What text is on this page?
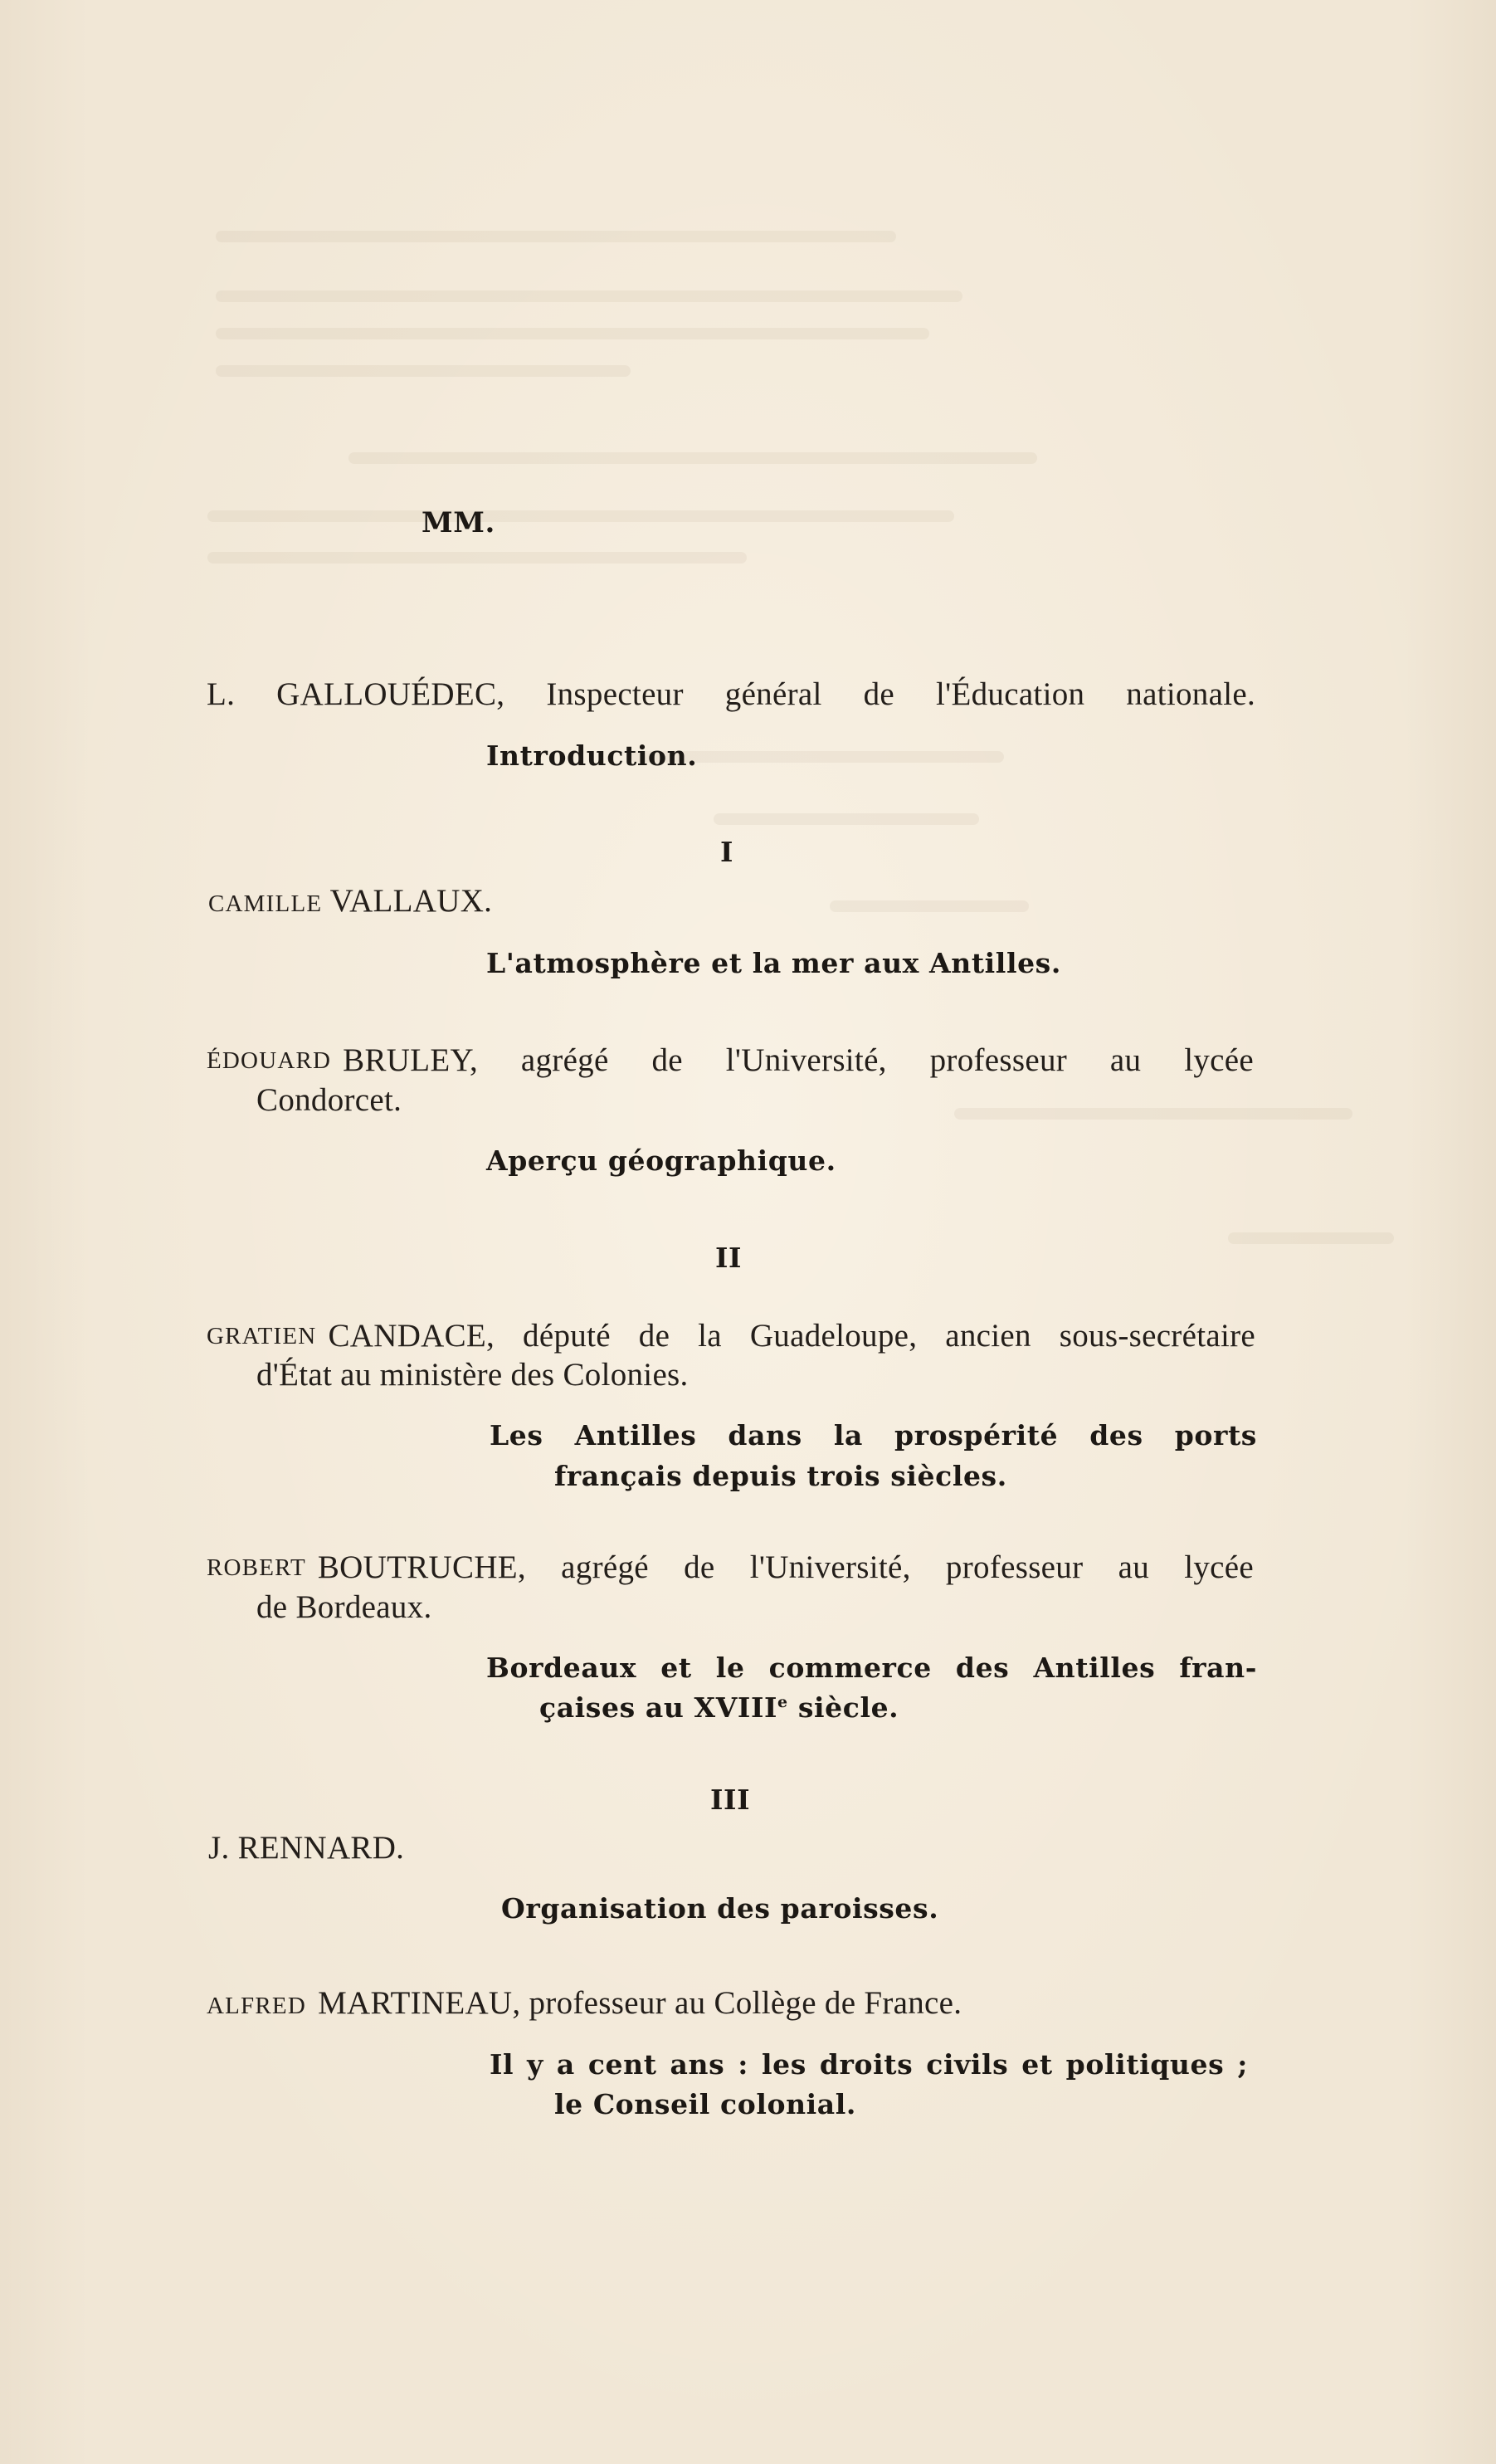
MM.
L. GALLOUÉDEC, Inspecteur général de l'Éducation nationale.
Introduction.
I
CAMILLE VALLAUX.
L'atmosphère et la mer aux Antilles.
ÉDOUARD BRULEY, agrégé de l'Université, professeur au lycée
Condorcet.
Aperçu géographique.
II
GRATIEN CANDACE, député de la Guadeloupe, ancien sous-secrétaire
d'État au ministère des Colonies.
Les Antilles dans la prospérité des ports
français depuis trois siècles.
ROBERT BOUTRUCHE, agrégé de l'Université, professeur au lycée
de Bordeaux.
Bordeaux et le commerce des Antilles fran-
çaises au XVIIIe siècle.
III
J. RENNARD.
Organisation des paroisses.
ALFRED MARTINEAU, professeur au Collège de France.
Il y a cent ans : les droits civils et politiques ;
le Conseil colonial.
